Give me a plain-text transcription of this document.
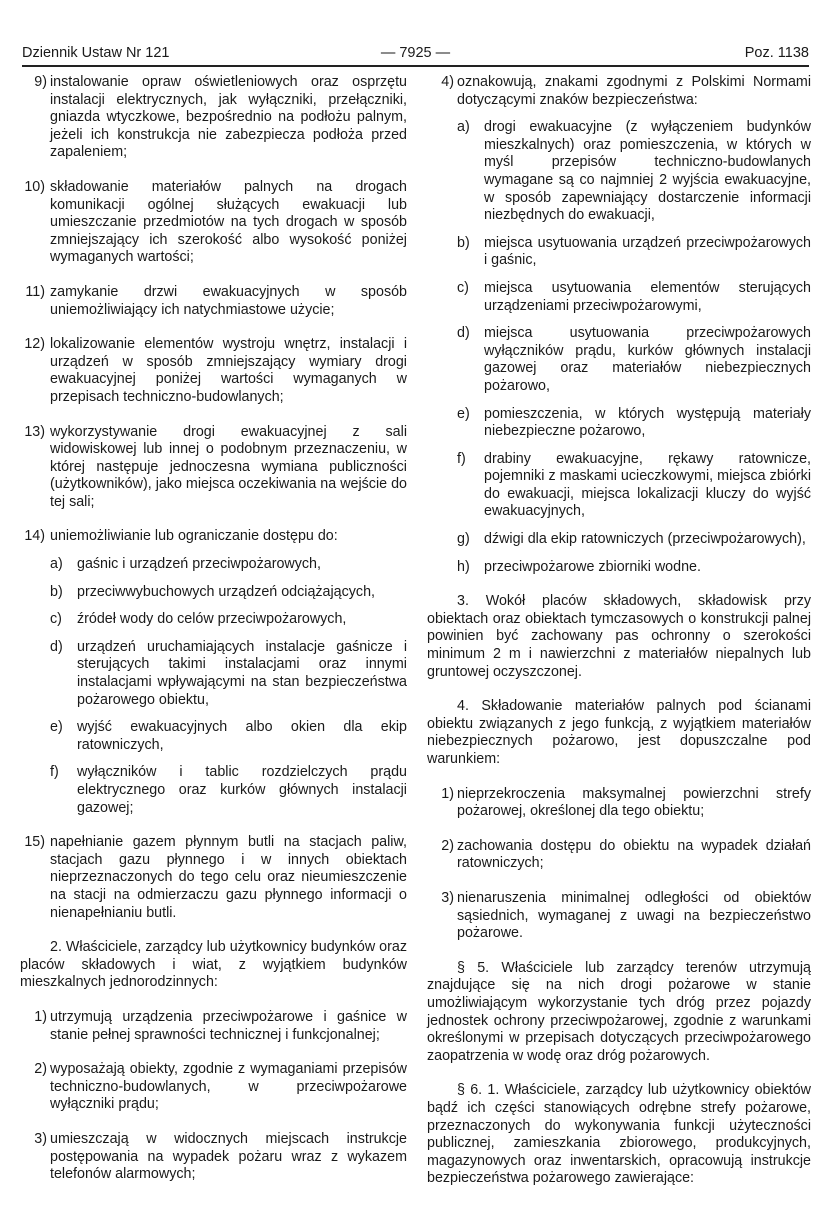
Dziennik Ustaw Nr 121	— 7925 —	Poz. 1138
9) instalowanie opraw oświetleniowych oraz osprzętu instalacji elektrycznych, jak wyłączniki, przełączniki, gniazda wtyczkowe, bezpośrednio na podłożu palnym, jeżeli ich konstrukcja nie zabezpiecza podłoża przed zapaleniem;
10) składowanie materiałów palnych na drogach komunikacji ogólnej służących ewakuacji lub umieszczanie przedmiotów na tych drogach w sposób zmniejszający ich szerokość albo wysokość poniżej wymaganych wartości;
11) zamykanie drzwi ewakuacyjnych w sposób uniemożliwiający ich natychmiastowe użycie;
12) lokalizowanie elementów wystroju wnętrz, instalacji i urządzeń w sposób zmniejszający wymiary drogi ewakuacyjnej poniżej wartości wymaganych w przepisach techniczno-budowlanych;
13) wykorzystywanie drogi ewakuacyjnej z sali widowiskowej lub innej o podobnym przeznaczeniu, w której następuje jednoczesna wymiana publiczności (użytkowników), jako miejsca oczekiwania na wejście do tej sali;
14) uniemożliwianie lub ograniczanie dostępu do:
a) gaśnic i urządzeń przeciwpożarowych,
b) przeciwwybuchowych urządzeń odciążających,
c)	źródeł wody do celów przeciwpożarowych,
d) urządzeń uruchamiających instalacje gaśnicze i sterujących takimi instalacjami oraz innymi instalacjami wpływającymi na stan bezpieczeństwa pożarowego obiektu,
e) wyjść ewakuacyjnych albo okien dla ekip ratowniczych,
f)	wyłączników i tablic rozdzielczych prądu elektrycznego oraz kurków głównych instalacji gazowej;
15) napełnianie gazem płynnym butli na stacjach paliw, stacjach gazu płynnego i w innych obiektach nieprzeznaczonych do tego celu oraz nieumieszczenie na stacji na odmierzaczu gazu płynnego informacji o nienapełnianiu butli.

2. Właściciele, zarządcy lub użytkownicy budynków oraz placów składowych i wiat, z wyjątkiem budynków mieszkalnych jednorodzinnych:

1) utrzymują urządzenia przeciwpożarowe i gaśnice w stanie pełnej sprawności technicznej i funkcjonalnej;
2) wyposażają obiekty, zgodnie z wymaganiami przepisów techniczno-budowlanych, w przeciwpożarowe wyłączniki prądu;
3) umieszczają w widocznych miejscach instrukcje postępowania na wypadek pożaru wraz z wykazem telefonów alarmowych;
4) oznakowują, znakami zgodnymi z Polskimi Normami dotyczącymi znaków bezpieczeństwa:
a) drogi ewakuacyjne (z wyłączeniem budynków mieszkalnych) oraz pomieszczenia, w których w myśl przepisów techniczno-budowlanych wymagane są co najmniej 2 wyjścia ewakuacyjne, w sposób zapewniający dostarczenie informacji niezbędnych do ewakuacji,
b) miejsca usytuowania urządzeń przeciwpożarowych i gaśnic,
c)	miejsca usytuowania elementów sterujących urządzeniami przeciwpożarowymi,
d) miejsca usytuowania przeciwpożarowych wyłączników prądu, kurków głównych instalacji gazowej oraz materiałów niebezpiecznych pożarowo,
e) pomieszczenia, w których występują materiały niebezpieczne pożarowo,
f)	drabiny ewakuacyjne, rękawy ratownicze, pojemniki z maskami ucieczkowymi, miejsca zbiórki do ewakuacji, miejsca lokalizacji kluczy do wyjść ewakuacyjnych,
g) dźwigi dla ekip ratowniczych (przeciwpożarowych),
h) przeciwpożarowe zbiorniki wodne.

3. Wokół placów składowych, składowisk przy obiektach oraz obiektach tymczasowych o konstrukcji palnej powinien być zachowany pas ochronny o szerokości minimum 2 m i nawierzchni z materiałów niepalnych lub gruntowej oczyszczonej.

4. Składowanie materiałów palnych pod ścianami obiektu związanych z jego funkcją, z wyjątkiem materiałów niebezpiecznych pożarowo, jest dopuszczalne pod warunkiem:

1) nieprzekroczenia maksymalnej powierzchni strefy pożarowej, określonej dla tego obiektu;
2) zachowania dostępu do obiektu na wypadek działań ratowniczych;
3) nienaruszenia minimalnej odległości od obiektów sąsiednich, wymaganej z uwagi na bezpieczeństwo pożarowe.

§ 5. Właściciele lub zarządcy terenów utrzymują znajdujące się na nich drogi pożarowe w stanie umożliwiającym wykorzystanie tych dróg przez pojazdy jednostek ochrony przeciwpożarowej, zgodnie z warunkami określonymi w przepisach dotyczących przeciwpożarowego zaopatrzenia w wodę oraz dróg pożarowych.

§ 6. 1. Właściciele, zarządcy lub użytkownicy obiektów bądź ich części stanowiących odrębne strefy pożarowe, przeznaczonych do wykonywania funkcji użyteczności publicznej, zamieszkania zbiorowego, produkcyjnych, magazynowych oraz inwentarskich, opracowują instrukcje bezpieczeństwa pożarowego zawierające:
